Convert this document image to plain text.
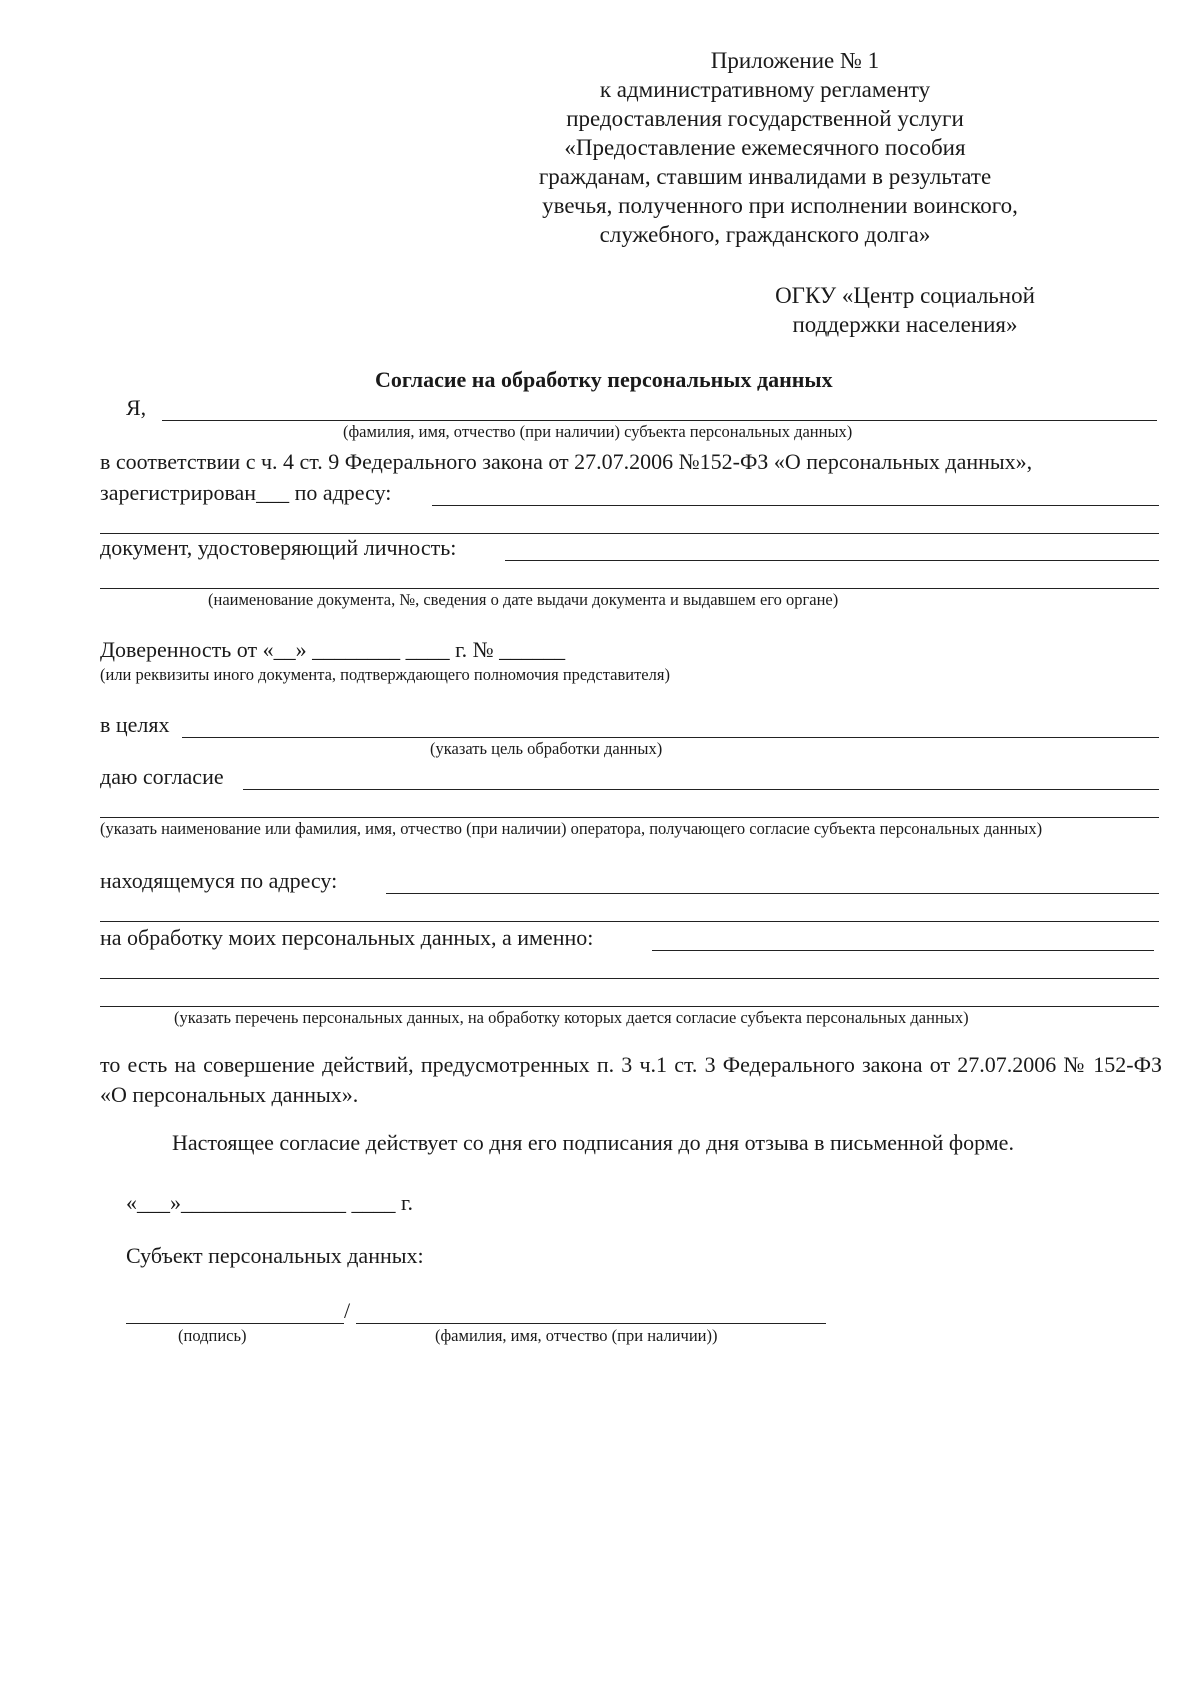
Приложение № 1
к административному регламенту
предоставления государственной услуги
«Предоставление ежемесячного пособия
гражданам, ставшим инвалидами в результате
увечья, полученного при исполнении воинского,
служебного, гражданского долга»
ОГКУ «Центр социальной
поддержки населения»
Согласие на обработку персональных данных
Я,
(фамилия, имя, отчество (при наличии) субъекта персональных данных)
в соответствии с ч. 4 ст. 9 Федерального закона от 27.07.2006 №152-ФЗ «О персональных данных»,
зарегистрирован___ по адресу:
документ, удостоверяющий личность:
(наименование документа, №, сведения о дате выдачи документа и выдавшем его органе)
Доверенность от «__» ________ ____ г. № ______
(или реквизиты иного документа, подтверждающего полномочия представителя)
в целях
(указать цель обработки данных)
даю согласие
(указать наименование или фамилия, имя, отчество (при наличии) оператора, получающего согласие субъекта персональных данных)
находящемуся по адресу:
на обработку моих персональных данных, а именно:
(указать перечень персональных данных, на обработку которых дается согласие субъекта персональных данных)
то есть на совершение действий, предусмотренных п. 3 ч.1 ст. 3 Федерального закона от 27.07.2006 № 152-ФЗ «О персональных данных».
Настоящее согласие действует со дня его подписания до дня отзыва в письменной форме.
«___»_______________ ____ г.
Субъект персональных данных:
/
(подпись)	(фамилия, имя, отчество (при наличии))
